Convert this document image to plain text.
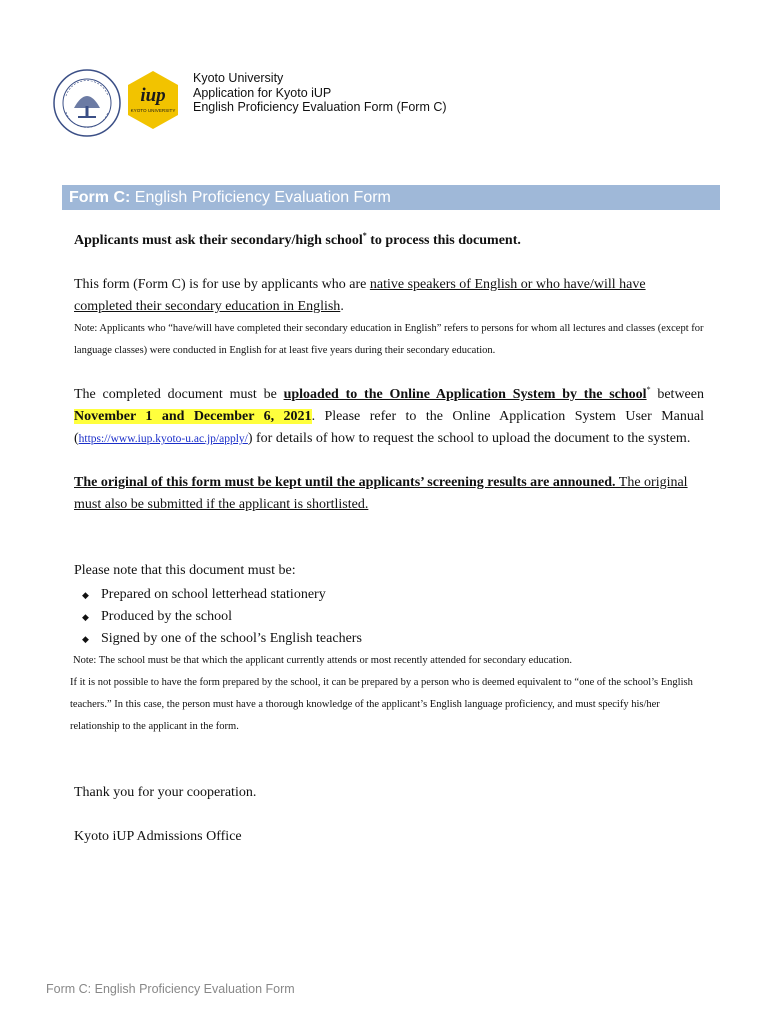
iup
KYOTO UNIVERSITY
Kyoto University
Application for Kyoto iUP
English Proficiency Evaluation Form (Form C)
Form C: English Proficiency Evaluation Form

Applicants must ask their secondary/high school* to process this document.

This form (Form C) is for use by applicants who are native speakers of English or who have/will have completed their secondary education in English.

Note: Applicants who “have/will have completed their secondary education in English” refers to persons for whom all lectures and classes (except for language classes) were conducted in English for at least five years during their secondary education.

The completed document must be uploaded to the Online Application System by the school* between November 1 and December 6, 2021. Please refer to the Online Application System User Manual (https://www.iup.kyoto-u.ac.jp/apply/) for details of how to request the school to upload the document to the system.

The original of this form must be kept until the applicants’ screening results are announed. The original must also be submitted if the applicant is shortlisted.

Please note that this document must be:

◆ Prepared on school letterhead stationery
◆ Produced by the school
◆ Signed by one of the school’s English teachers

Note: The school must be that which the applicant currently attends or most recently attended for secondary education.

If it is not possible to have the form prepared by the school, it can be prepared by a person who is deemed equivalent to “one of the school’s English teachers.” In this case, the person must have a thorough knowledge of the applicant’s English language proficiency, and must specify his/her relationship to the applicant in the form.

Thank you for your cooperation.

Kyoto iUP Admissions Office

Form C: English Proficiency Evaluation Form
